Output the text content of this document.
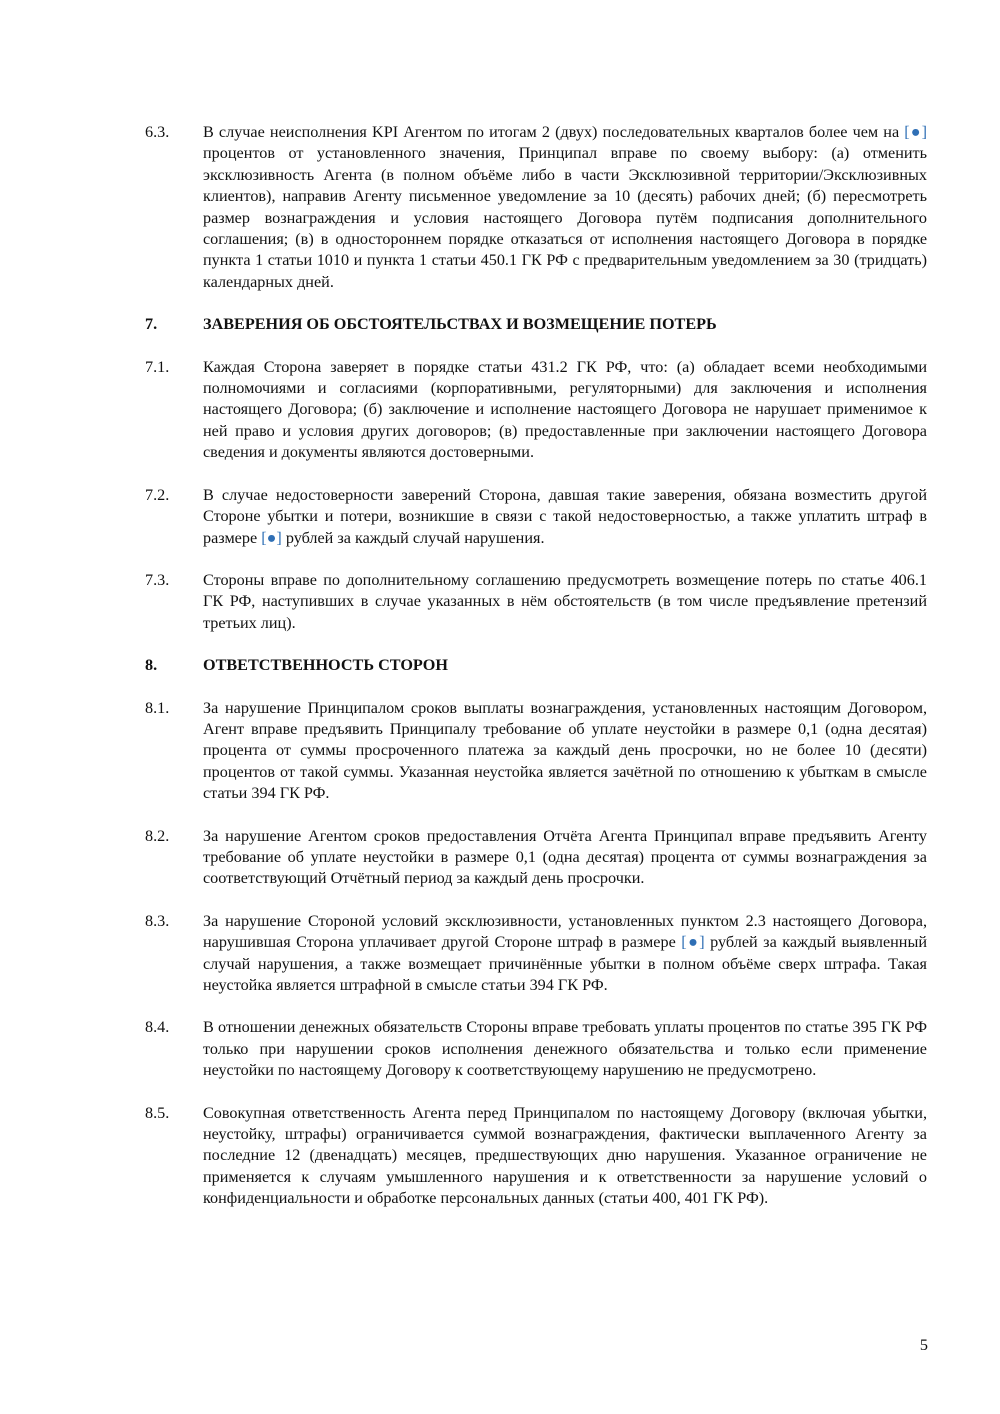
6.3.	В случае неисполнения KPI Агентом по итогам 2 (двух) последовательных кварталов более чем на [●] процентов от установленного значения, Принципал вправе по своему выбору: (а) отменить эксклюзивность Агента (в полном объёме либо в части Эксклюзивной территории/Эксклюзивных клиентов), направив Агенту письменное уведомление за 10 (десять) рабочих дней; (б) пересмотреть размер вознаграждения и условия настоящего Договора путём подписания дополнительного соглашения; (в) в одностороннем порядке отказаться от исполнения настоящего Договора в порядке пункта 1 статьи 1010 и пункта 1 статьи 450.1 ГК РФ с предварительным уведомлением за 30 (тридцать) календарных дней.
7.	ЗАВЕРЕНИЯ ОБ ОБСТОЯТЕЛЬСТВАХ И ВОЗМЕЩЕНИЕ ПОТЕРЬ
7.1.	Каждая Сторона заверяет в порядке статьи 431.2 ГК РФ, что: (а) обладает всеми необходимыми полномочиями и согласиями (корпоративными, регуляторными) для заключения и исполнения настоящего Договора; (б) заключение и исполнение настоящего Договора не нарушает применимое к ней право и условия других договоров; (в) предоставленные при заключении настоящего Договора сведения и документы являются достоверными.
7.2.	В случае недостоверности заверений Сторона, давшая такие заверения, обязана возместить другой Стороне убытки и потери, возникшие в связи с такой недостоверностью, а также уплатить штраф в размере [●] рублей за каждый случай нарушения.
7.3.	Стороны вправе по дополнительному соглашению предусмотреть возмещение потерь по статье 406.1 ГК РФ, наступивших в случае указанных в нём обстоятельств (в том числе предъявление претензий третьих лиц).
8.	ОТВЕТСТВЕННОСТЬ СТОРОН
8.1.	За нарушение Принципалом сроков выплаты вознаграждения, установленных настоящим Договором, Агент вправе предъявить Принципалу требование об уплате неустойки в размере 0,1 (одна десятая) процента от суммы просроченного платежа за каждый день просрочки, но не более 10 (десяти) процентов от такой суммы. Указанная неустойка является зачётной по отношению к убыткам в смысле статьи 394 ГК РФ.
8.2.	За нарушение Агентом сроков предоставления Отчёта Агента Принципал вправе предъявить Агенту требование об уплате неустойки в размере 0,1 (одна десятая) процента от суммы вознаграждения за соответствующий Отчётный период за каждый день просрочки.
8.3.	За нарушение Стороной условий эксклюзивности, установленных пунктом 2.3 настоящего Договора, нарушившая Сторона уплачивает другой Стороне штраф в размере [●] рублей за каждый выявленный случай нарушения, а также возмещает причинённые убытки в полном объёме сверх штрафа. Такая неустойка является штрафной в смысле статьи 394 ГК РФ.
8.4.	В отношении денежных обязательств Стороны вправе требовать уплаты процентов по статье 395 ГК РФ только при нарушении сроков исполнения денежного обязательства и только если применение неустойки по настоящему Договору к соответствующему нарушению не предусмотрено.
8.5.	Совокупная ответственность Агента перед Принципалом по настоящему Договору (включая убытки, неустойку, штрафы) ограничивается суммой вознаграждения, фактически выплаченного Агенту за последние 12 (двенадцать) месяцев, предшествующих дню нарушения. Указанное ограничение не применяется к случаям умышленного нарушения и к ответственности за нарушение условий о конфиденциальности и обработке персональных данных (статьи 400, 401 ГК РФ).
5
